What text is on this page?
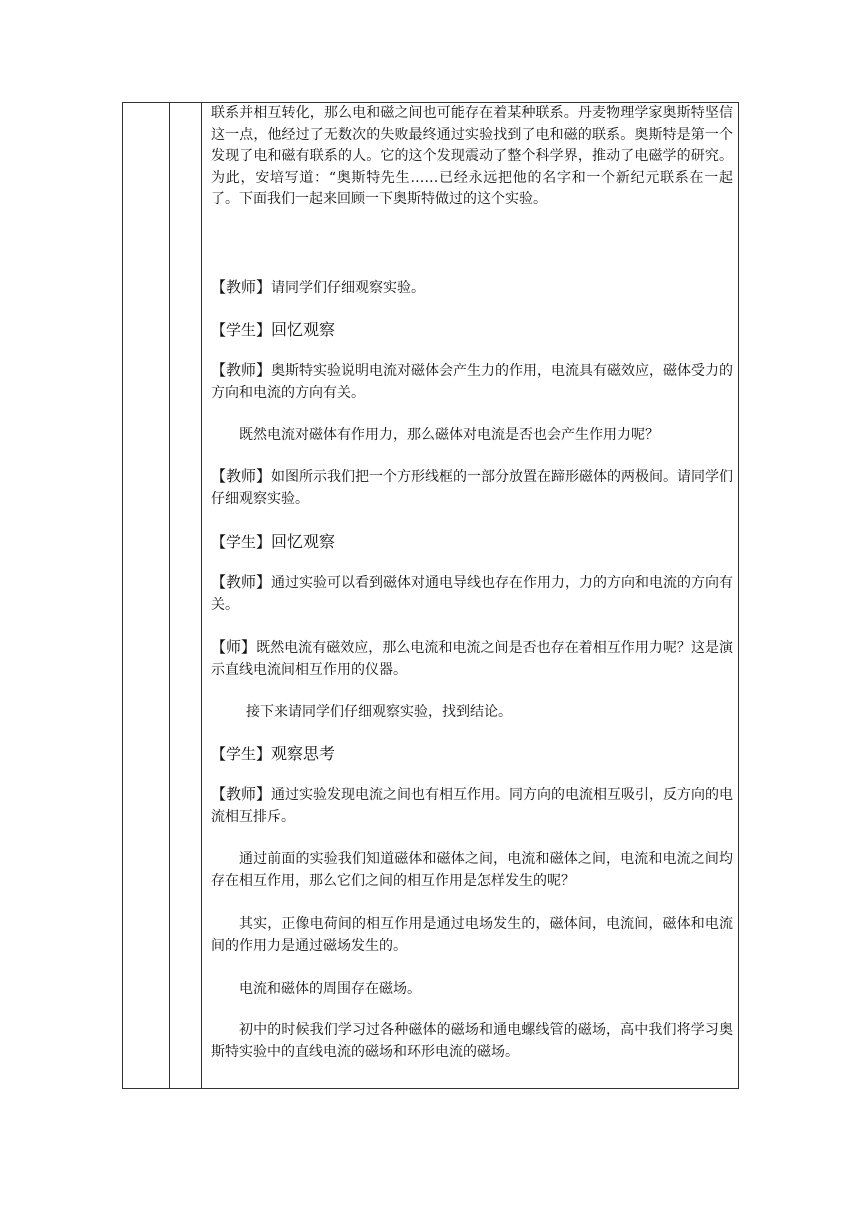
联系并相互转化，那么电和磁之间也可能存在着某种联系。丹麦物理学家奥斯特坚信这一点，他经过了无数次的失败最终通过实验找到了电和磁的联系。奥斯特是第一个发现了电和磁有联系的人。它的这个发现震动了整个科学界，推动了电磁学的研究。为此，安培写道：“奥斯特先生……已经永远把他的名字和一个新纪元联系在一起了。下面我们一起来回顾一下奥斯特做过的这个实验。

【教师】请同学们仔细观察实验。

【学生】回忆观察

【教师】奥斯特实验说明电流对磁体会产生力的作用，电流具有磁效应，磁体受力的方向和电流的方向有关。

既然电流对磁体有作用力，那么磁体对电流是否也会产生作用力呢？

【教师】如图所示我们把一个方形线框的一部分放置在蹄形磁体的两极间。请同学们仔细观察实验。

【学生】回忆观察

【教师】通过实验可以看到磁体对通电导线也存在作用力，力的方向和电流的方向有关。

【师】既然电流有磁效应，那么电流和电流之间是否也存在着相互作用力呢？这是演示直线电流间相互作用的仪器。

接下来请同学们仔细观察实验，找到结论。

【学生】观察思考

【教师】通过实验发现电流之间也有相互作用。同方向的电流相互吸引，反方向的电流相互排斥。

通过前面的实验我们知道磁体和磁体之间，电流和磁体之间，电流和电流之间均存在相互作用，那么它们之间的相互作用是怎样发生的呢？

其实，正像电荷间的相互作用是通过电场发生的，磁体间，电流间，磁体和电流间的作用力是通过磁场发生的。

电流和磁体的周围存在磁场。

初中的时候我们学习过各种磁体的磁场和通电螺线管的磁场，高中我们将学习奥斯特实验中的直线电流的磁场和环形电流的磁场。
